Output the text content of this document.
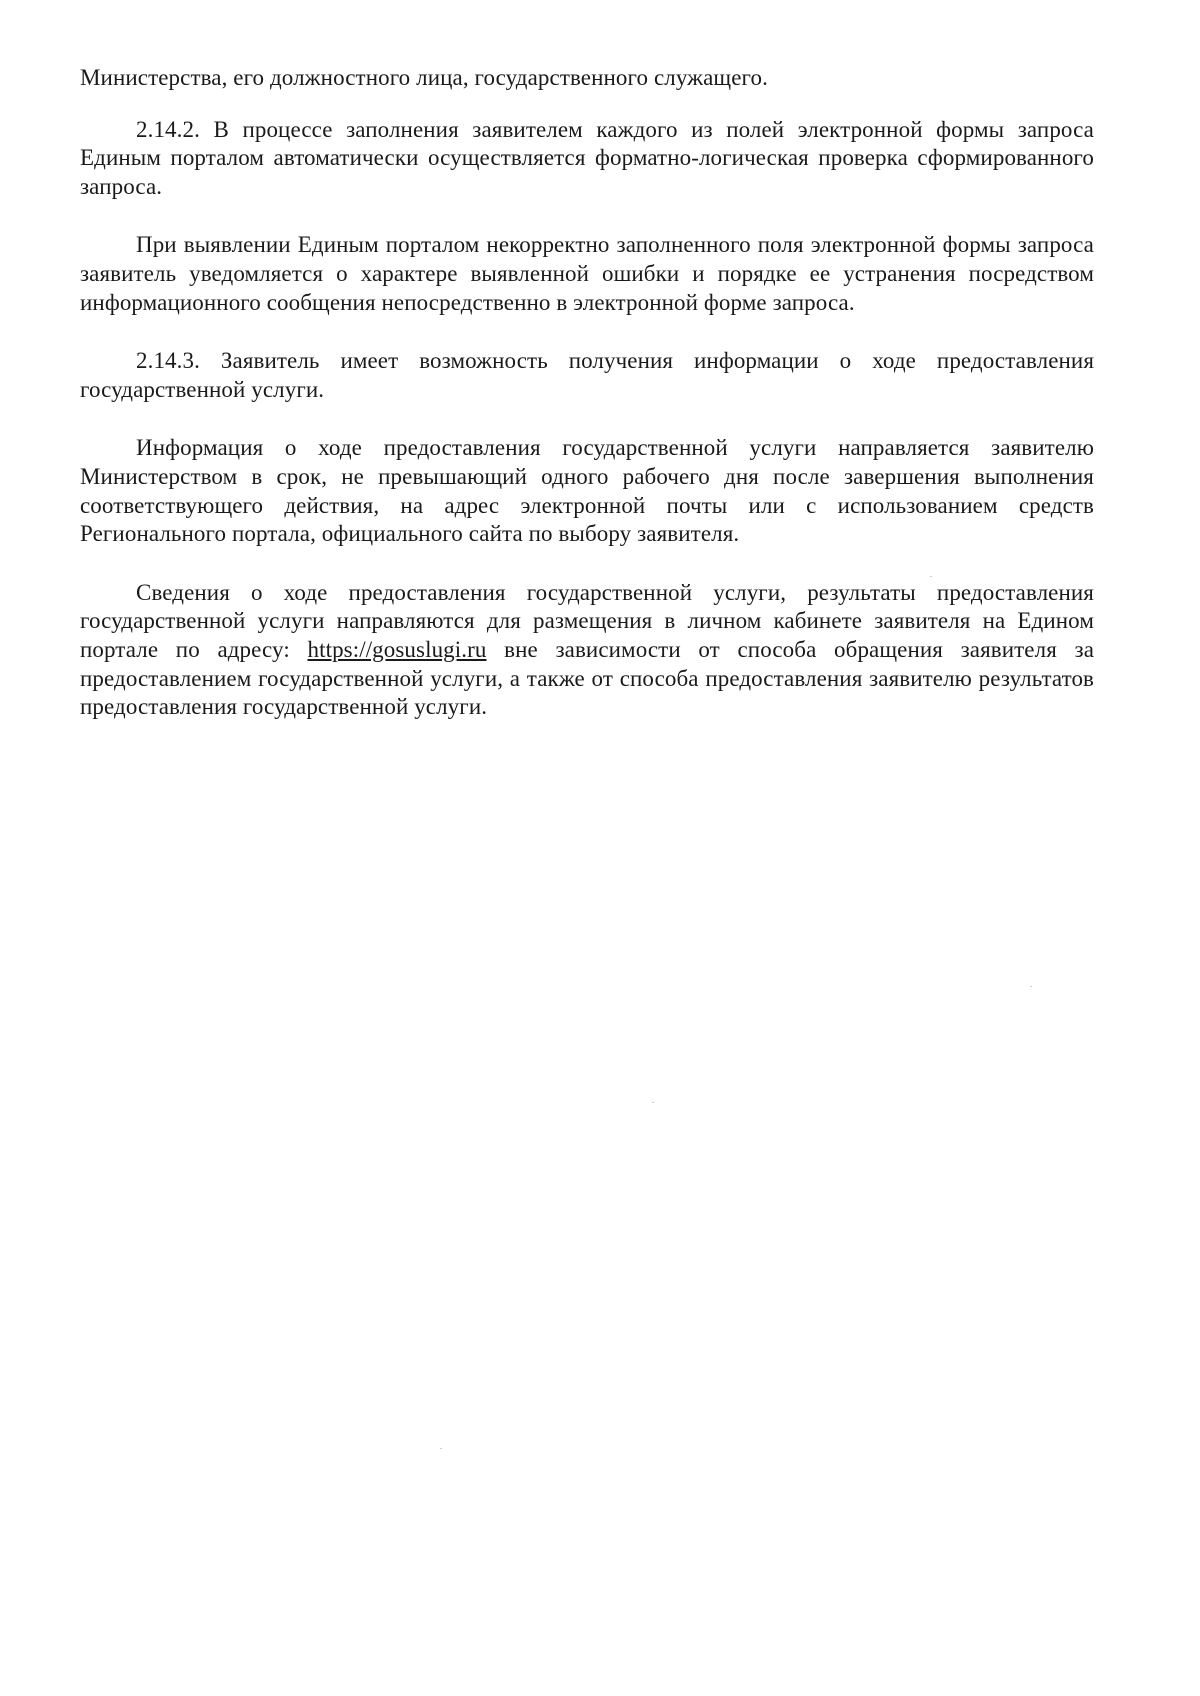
Министерства, его должностного лица, государственного служащего.

2.14.2. В процессе заполнения заявителем каждого из полей электронной формы запроса Единым порталом автоматически осуществляется форматно-логическая проверка сформированного запроса.

При выявлении Единым порталом некорректно заполненного поля электронной формы запроса заявитель уведомляется о характере выявленной ошибки и порядке ее устранения посредством информационного сообщения непосредственно в электронной форме запроса.

2.14.3. Заявитель имеет возможность получения информации о ходе предоставления государственной услуги.

Информация о ходе предоставления государственной услуги направляется заявителю Министерством в срок, не превышающий одного рабочего дня после завершения выполнения соответствующего действия, на адрес электронной почты или с использованием средств Регионального портала, официального сайта по выбору заявителя.

Сведения о ходе предоставления государственной услуги, результаты предоставления государственной услуги направляются для размещения в личном кабинете заявителя на Едином портале по адресу: https://gosuslugi.ru вне зависимости от способа обращения заявителя за предоставлением государственной услуги, а также от способа предоставления заявителю результатов предоставления государственной услуги.
